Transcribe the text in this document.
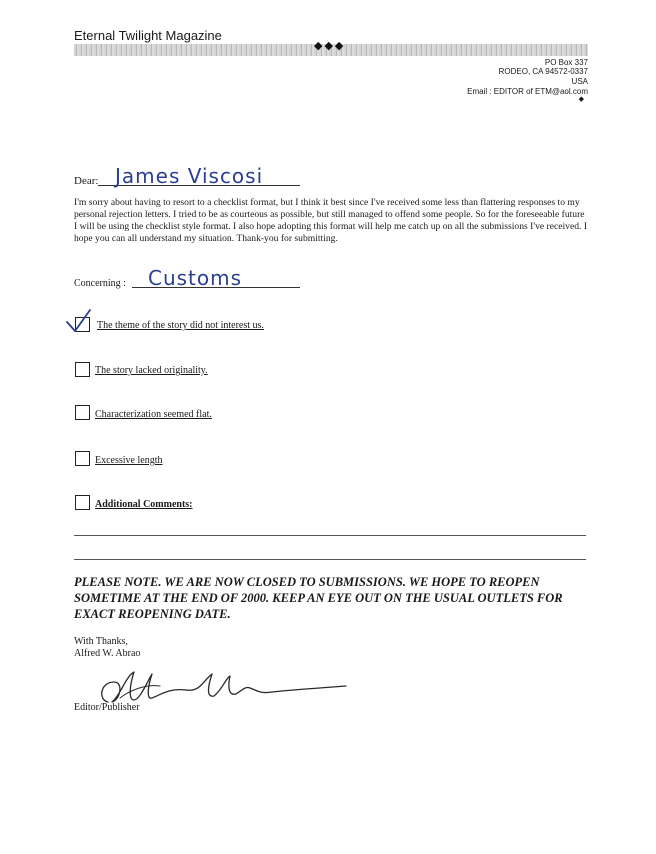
Eternal Twilight Magazine
◆◆◆
PO Box 337
RODEO, CA 94572-0337
USA
Email : EDITOR of ETM@aol.com
◆
Dear: James Viscosi

I'm sorry about having to resort to a checklist format, but I think it best since I've received some less than flattering responses to my personal rejection letters. I tried to be as courteous as possible, but still managed to offend some people. So for the foreseeable future I will be using the checklist style format. I also hope adopting this format will help me catch up on all the submissions I've received. I hope you can all understand my situation. Thank-you for submitting.

Concerning : Customs
The theme of the story did not interest us.
The story lacked originality.
Characterization seemed flat.
Excessive length
Additional Comments:

PLEASE NOTE. WE ARE NOW CLOSED TO SUBMISSIONS. WE HOPE TO REOPEN SOMETIME AT THE END OF 2000. KEEP AN EYE OUT ON THE USUAL OUTLETS FOR EXACT REOPENING DATE.

With Thanks,
Alfred W. Abrao
Editor/Publisher
